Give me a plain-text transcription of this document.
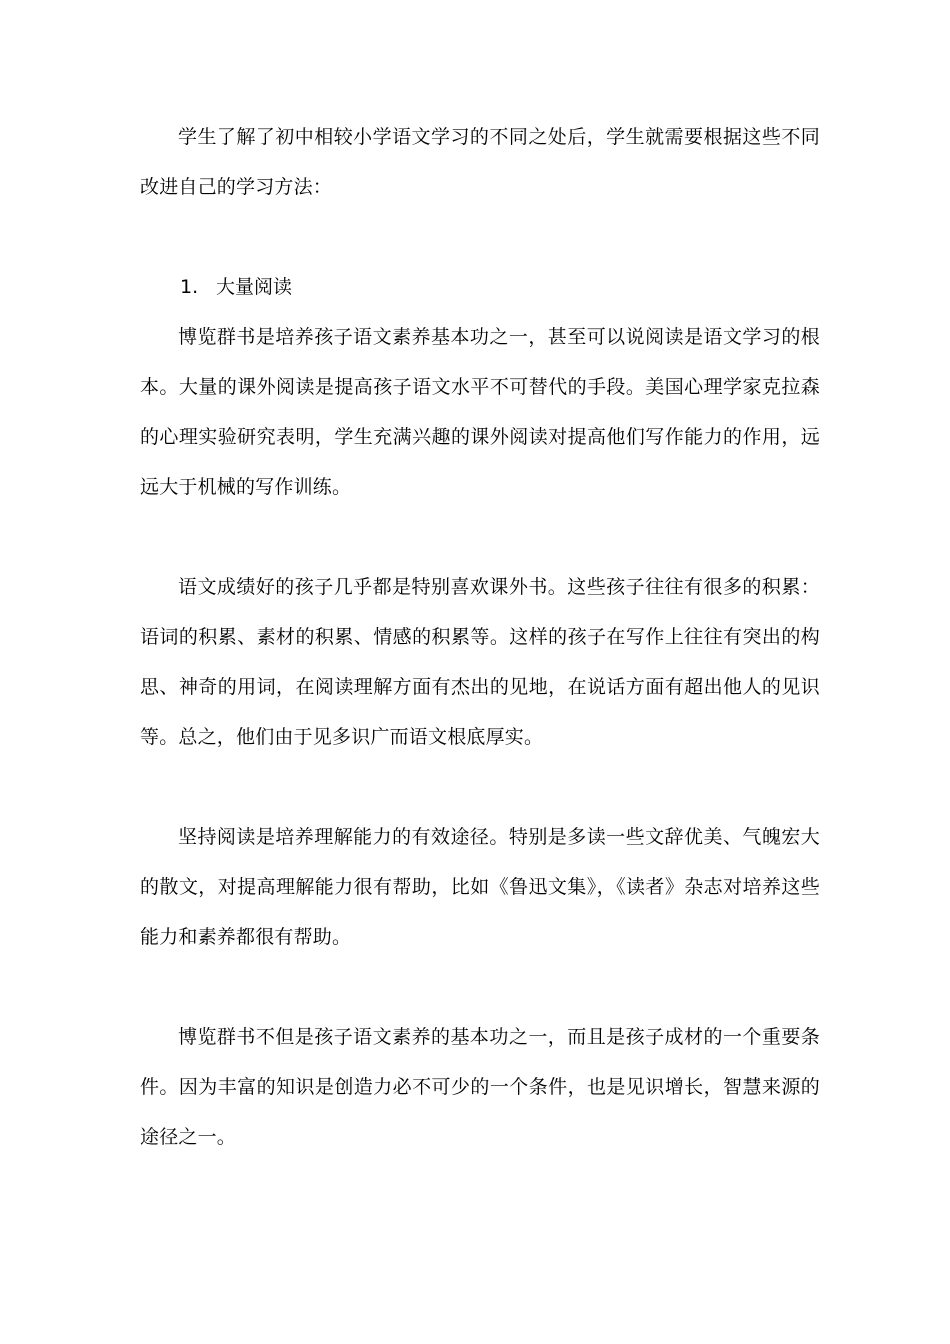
学生了解了初中相较小学语文学习的不同之处后，学生就需要根据这些不同改进自己的学习方法：

1. 大量阅读

博览群书是培养孩子语文素养基本功之一，甚至可以说阅读是语文学习的根本。大量的课外阅读是提高孩子语文水平不可替代的手段。美国心理学家克拉森的心理实验研究表明，学生充满兴趣的课外阅读对提高他们写作能力的作用，远远大于机械的写作训练。

语文成绩好的孩子几乎都是特别喜欢课外书。这些孩子往往有很多的积累：语词的积累、素材的积累、情感的积累等。这样的孩子在写作上往往有突出的构思、神奇的用词，在阅读理解方面有杰出的见地，在说话方面有超出他人的见识等。总之，他们由于见多识广而语文根底厚实。

坚持阅读是培养理解能力的有效途径。特别是多读一些文辞优美、气魄宏大的散文，对提高理解能力很有帮助，比如《鲁迅文集》，《读者》杂志对培养这些能力和素养都很有帮助。

博览群书不但是孩子语文素养的基本功之一，而且是孩子成材的一个重要条件。因为丰富的知识是创造力必不可少的一个条件，也是见识增长，智慧来源的途径之一。
